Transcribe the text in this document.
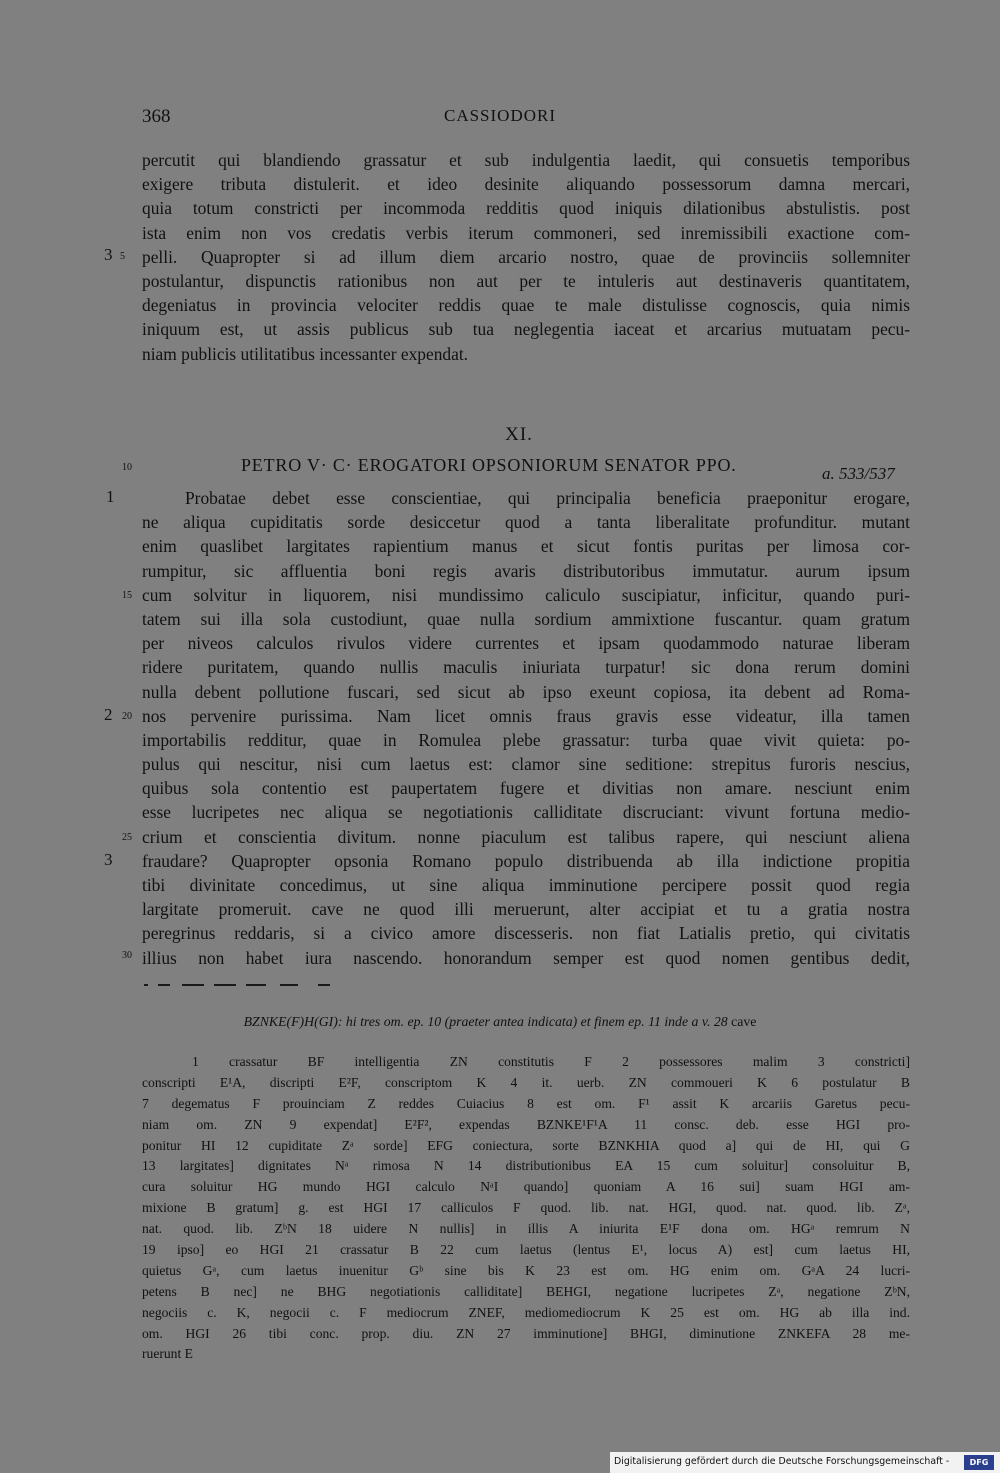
368	CASSIODORI
percutit qui blandiendo grassatur et sub indulgentia laedit, qui consuetis temporibus
exigere tributa distulerit. et ideo desinite aliquando possessorum damna mercari,
quia totum constricti per incommoda redditis quod iniquis dilationibus abstulistis. post
ista enim non vos credatis verbis iterum commoneri, sed inremissibili exactione com-
pelli. Quapropter si ad illum diem arcario nostro, quae de provinciis sollemniter
postulantur, dispunctis rationibus non aut per te intuleris aut destinaveris quantitatem,
degeniatus in provincia velociter reddis quae te male distulisse cognoscis, quia nimis
iniquum est, ut assis publicus sub tua neglegentia iaceat et arcarius mutuatam pecu-
niam publicis utilitatibus incessanter expendat.
3 5
XI.
10	PETRO V· C· EROGATORI OPSONIORUM SENATOR PPO.	a. 533/537
Probatae debet esse conscientiae, qui principalia beneficia praeponitur erogare,
ne aliqua cupiditatis sorde desiccetur quod a tanta liberalitate profunditur. mutant
enim quaslibet largitates rapientium manus et sicut fontis puritas per limosa cor-
rumpitur, sic affluentia boni regis avaris distributoribus immutatur. aurum ipsum
cum solvitur in liquorem, nisi mundissimo caliculo suscipiatur, inficitur, quando puri-
tatem sui illa sola custodiunt, quae nulla sordium ammixtione fuscantur. quam gratum
per niveos calculos rivulos videre currentes et ipsam quodammodo naturae liberam
ridere puritatem, quando nullis maculis iniuriata turpatur! sic dona rerum domini
nulla debent pollutione fuscari, sed sicut ab ipso exeunt copiosa, ita debent ad Roma-
nos pervenire purissima. Nam licet omnis fraus gravis esse videatur, illa tamen
importabilis redditur, quae in Romulea plebe grassatur: turba quae vivit quieta: po-
pulus qui nescitur, nisi cum laetus est: clamor sine seditione: strepitus furoris nescius,
quibus sola contentio est paupertatem fugere et divitias non amare. nesciunt enim
esse lucripetes nec aliqua se negotiationis calliditate discruciant: vivunt fortuna medio-
crium et conscientia divitum. nonne piaculum est talibus rapere, qui nesciunt aliena
fraudare? Quapropter opsonia Romano populo distribuenda ab illa indictione propitia
tibi divinitate concedimus, ut sine aliqua imminutione percipere possit quod regia
largitate promeruit. cave ne quod illi meruerunt, alter accipiat et tu a gratia nostra
peregrinus reddaris, si a civico amore discesseris. non fiat Latialis pretio, qui civitatis
illius non habet iura nascendo. honorandum semper est quod nomen gentibus dedit,
1
15
2 20
25
3
30
BZNKE(F)H(GI): hi tres om. ep. 10 (praeter antea indicata) et finem ep. 11 inde a v. 28 cave
1 crassatur BF intelligentia ZN constitutis F 2 possessores malim 3 constricti]
conscripti E¹A, discripti E²F, conscriptom K 4 it. uerb. ZN commoueri K 6 postulatur B
7 degematus F prouinciam Z reddes Cuiacius 8 est om. F¹ assit K arcariis Garetus pecu-
niam om. ZN 9 expendat] E²F², expendas BZNKE¹F¹A 11 consc. deb. esse HGI pro-
ponitur HI 12 cupiditate Zᵃ sorde] EFG coniectura, sorte BZNKHIA quod a] qui de HI, qui G
13 largitates] dignitates Nᵃ rimosa N 14 distributionibus EA 15 cum soluitur] consoluitur B,
cura soluitur HG mundo HGI calculo NᵃI quando] quoniam A 16 sui] suam HGI am-
mixione B gratum] g. est HGI 17 calliculos F quod. lib. nat. HGI, quod. nat. quod. lib. Zᵃ,
nat. quod. lib. ZᵇN 18 uidere N nullis] in illis A iniurita E¹F dona om. HGᵃ remrum N
19 ipso] eo HGI 21 crassatur B 22 cum laetus (lentus E¹, locus A) est] cum laetus HI,
quietus Gᵃ, cum laetus inuenitur Gᵇ sine bis K 23 est om. HG enim om. GᵃA 24 lucri-
petens B nec] ne BHG negotiationis calliditate] BEHGI, negatione lucripetes Zᵃ, negatione ZᵇN,
negociis c. K, negocii c. F mediocrum ZNEF, mediomediocrum K 25 est om. HG ab illa ind.
om. HGI 26 tibi conc. prop. diu. ZN 27 imminutione] BHGI, diminutione ZNKEFA 28 me-
ruerunt E
Digitalisierung gefördert durch die Deutsche Forschungsgemeinschaft -	DFG
